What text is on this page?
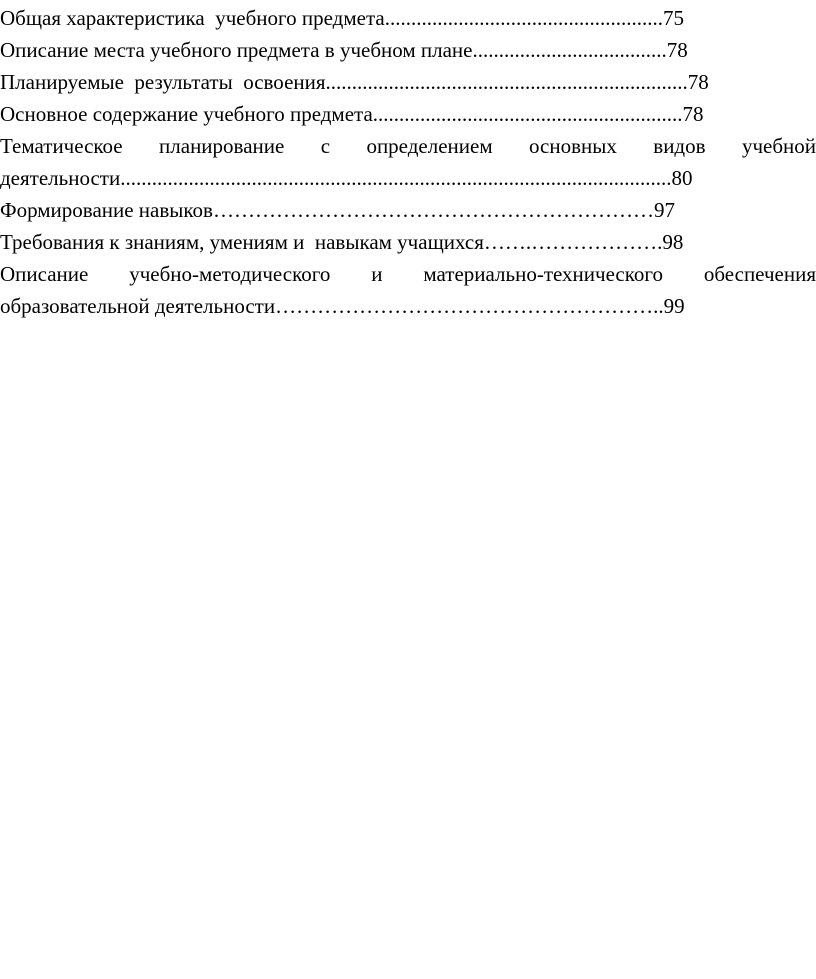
Общая характеристика  учебного предмета.....................................................75
Описание места учебного предмета в учебном плане.....................................78
Планируемые  результаты  освоения.....................................................................78
Основное содержание учебного предмета...........................................................78
Тематическое планирование с определением основных видов учебной
деятельности.........................................................................................................80
Формирование навыков………………………………………………………97
Требования к знаниям, умениям и  навыкам учащихся…….……………….98
Описание учебно-методического и материально-технического обеспечения
образовательной деятельности………………………………………………..99
